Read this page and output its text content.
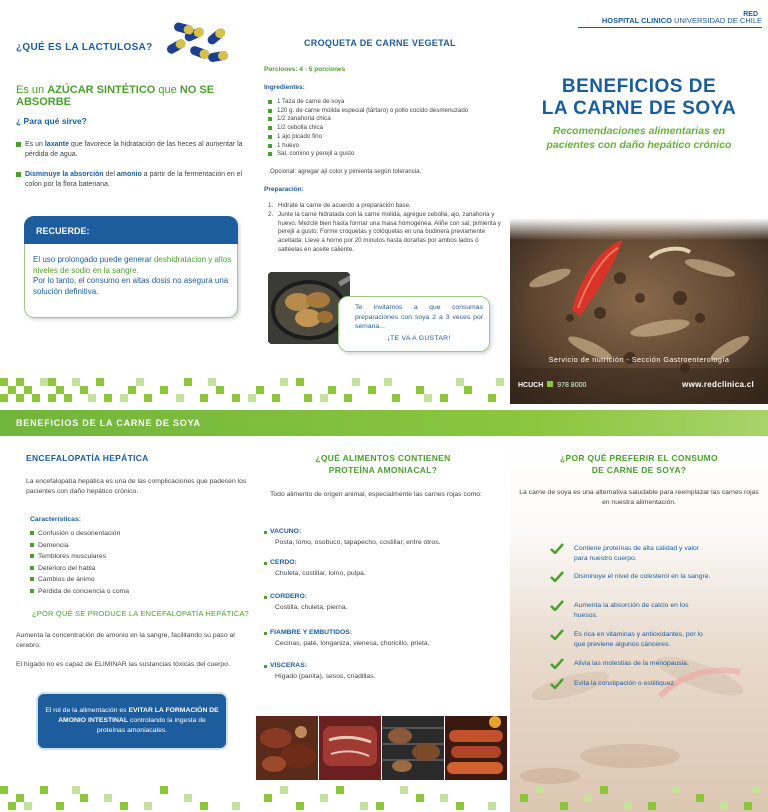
¿QUÉ ES LA LACTULOSA?
Es un AZÚCAR SINTÉTICO que NO SE ABSORBE
¿ Para qué sirve?
Es un laxante que favorece la hidratación de las heces al aumentar la pérdida de agua.
Disminuye la absorción del amonio a partir de la fermentación en el colon por la flora bateriana.
RECUERDE:
El uso prolongado puede generar deshidratacion y altos niveles de sodio en la sangre.
Por lo tanto, el consumo en altas dosis no asegura una solución definitiva.
CROQUETA DE CARNE VEGETAL
Porciones: 4 - 5 porciones
Ingredientes:
1 Taza de carne de soya
120 g. de carne molida especial (tártaro) o pollo cocido desmenuzado
1/2 zanahoria chica
1/2 cebolla chica
1 ajo picado fino
1 huevo
Sal, comino y perejil a gusto
Opcional: agregar ají color y pimienta según tolerancia.
Preparación:
1. Hidrate la carne de acuerdo a preparación base.
2. Junte la carne hidratada con la carne molida, agregue cebolla, ajo, zanahoria y huevo. Mezcle bien hasta formar una masa homogénea. Aliñe con sal, pimienta y perejil a gusto. Forme croquetas y colóquelas en una budinera previamente aceitada. Lleve a horno por 20 minutos hasta dorarlas por ambos lados ó saltéelas en aceite caliente.
Te invitamos a que consumas preparaciones con soya 2 a 3 veces por semana...
¡TE VA A GUSTAR!
RED
HOSPITAL CLINICO UNIVERSIDAD DE CHILE
BENEFICIOS DE
LA CARNE DE SOYA
Recomendaciones alimentarias en
pacientes con daño hepático crónico
Servicio de nutrición - Sección Gastroenterología
HCUCH 978 8000	www.redclinica.cl
BENEFICIOS DE LA CARNE DE SOYA
ENCEFALOPATÍA HEPÁTICA
La encefalopatía hepática es una de las complicaciones que padecen los pacientes con daño hepático crónico.
Características:
Confusión o desorientación
Demencia
Temblores musculares
Deterioro del habla
Cambios de ánimo
Pérdida de conciencia o coma
¿POR QUÉ SE PRODUCE LA ENCEFALOPATÍA HEPÁTICA?
Aumenta la concentración de amonio en la sangre, facilitando su paso al cerebro.
El hígado no es capaz de ELIMINAR las sustancias tóxicas del cuerpo.
El rol de la alimentación es EVITAR LA FORMACIÓN DE AMONIO INTESTINAL controlando la ingesta de proteínas amoniacales.
¿QUÉ ALIMENTOS CONTIENEN
PROTEÍNA AMONIACAL?
Todo alimento de origen animal, especialmente las carnes rojas como:
VACUNO:
Posta, lomo, osobuco, tapapecho, costillar, entre otros.
CERDO:
Chuleta, costillar, lomo, pulpa.
CORDERO:
Costilla, chuleta, pierna.
FIAMBRE Y EMBUTIDOS:
Cecinas, paté, longaniza, vienesa, choricillo, prieta.
VISCERAS:
Hígado (panita), sesos, criadillas.
¿POR QUÉ PREFERIR EL CONSUMO
DE CARNE DE SOYA?
La carne de soya es una alternativa saludable para reemplazar las carnes rojas en nuestra alimentación.
Contiene proteínas de alta calidad y valor para nuestro cuerpo.
Disminuye el nivel de colesterol en la sangre.
Aumenta la absorción de calcio en los huesos.
Es rica en vitaminas y antioxidantes, por lo que previene algunos cánceres.
Alivia las molestias de la menopausia.
Evita la constipación o estiitiquez.
